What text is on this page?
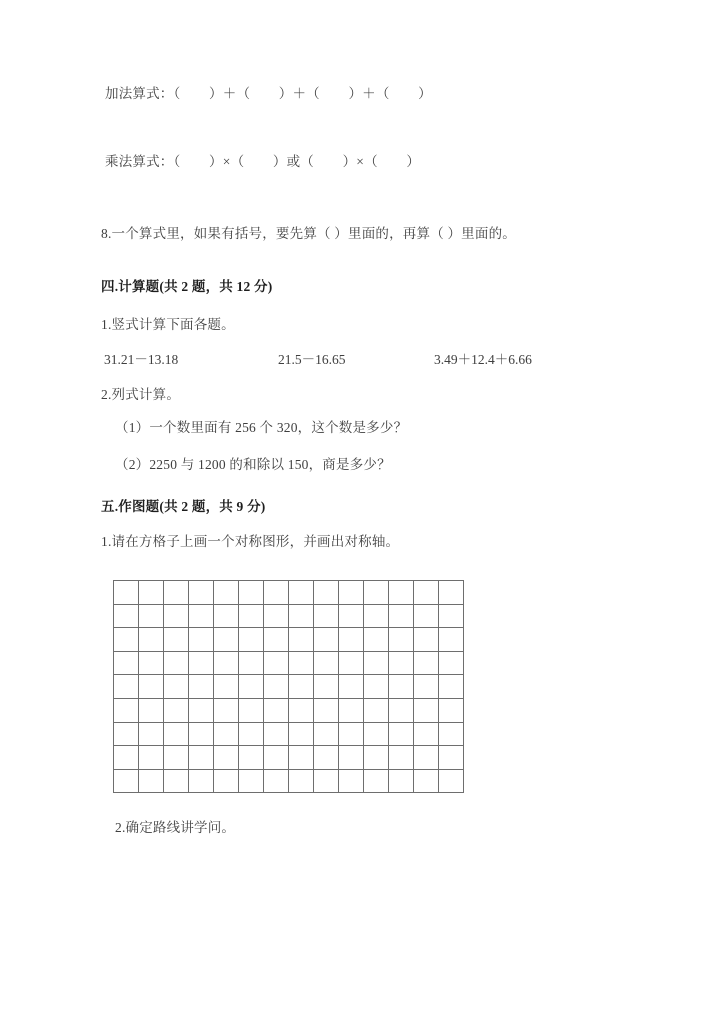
加法算式：（        ）＋（        ）＋（        ）＋（        ）
乘法算式：（        ）×（        ）或（        ）×（        ）
8.一个算式里，如果有括号，要先算（ ）里面的，再算（ ）里面的。
四.计算题(共 2 题，共 12 分)
1.竖式计算下面各题。
31.21－13.18	21.5－16.65	3.49＋12.4＋6.66
2.列式计算。
（1）一个数里面有 256 个 320，这个数是多少？
（2）2250 与 1200 的和除以 150，商是多少？
五.作图题(共 2 题，共 9 分)
1.请在方格子上画一个对称图形，并画出对称轴。

2.确定路线讲学问。
